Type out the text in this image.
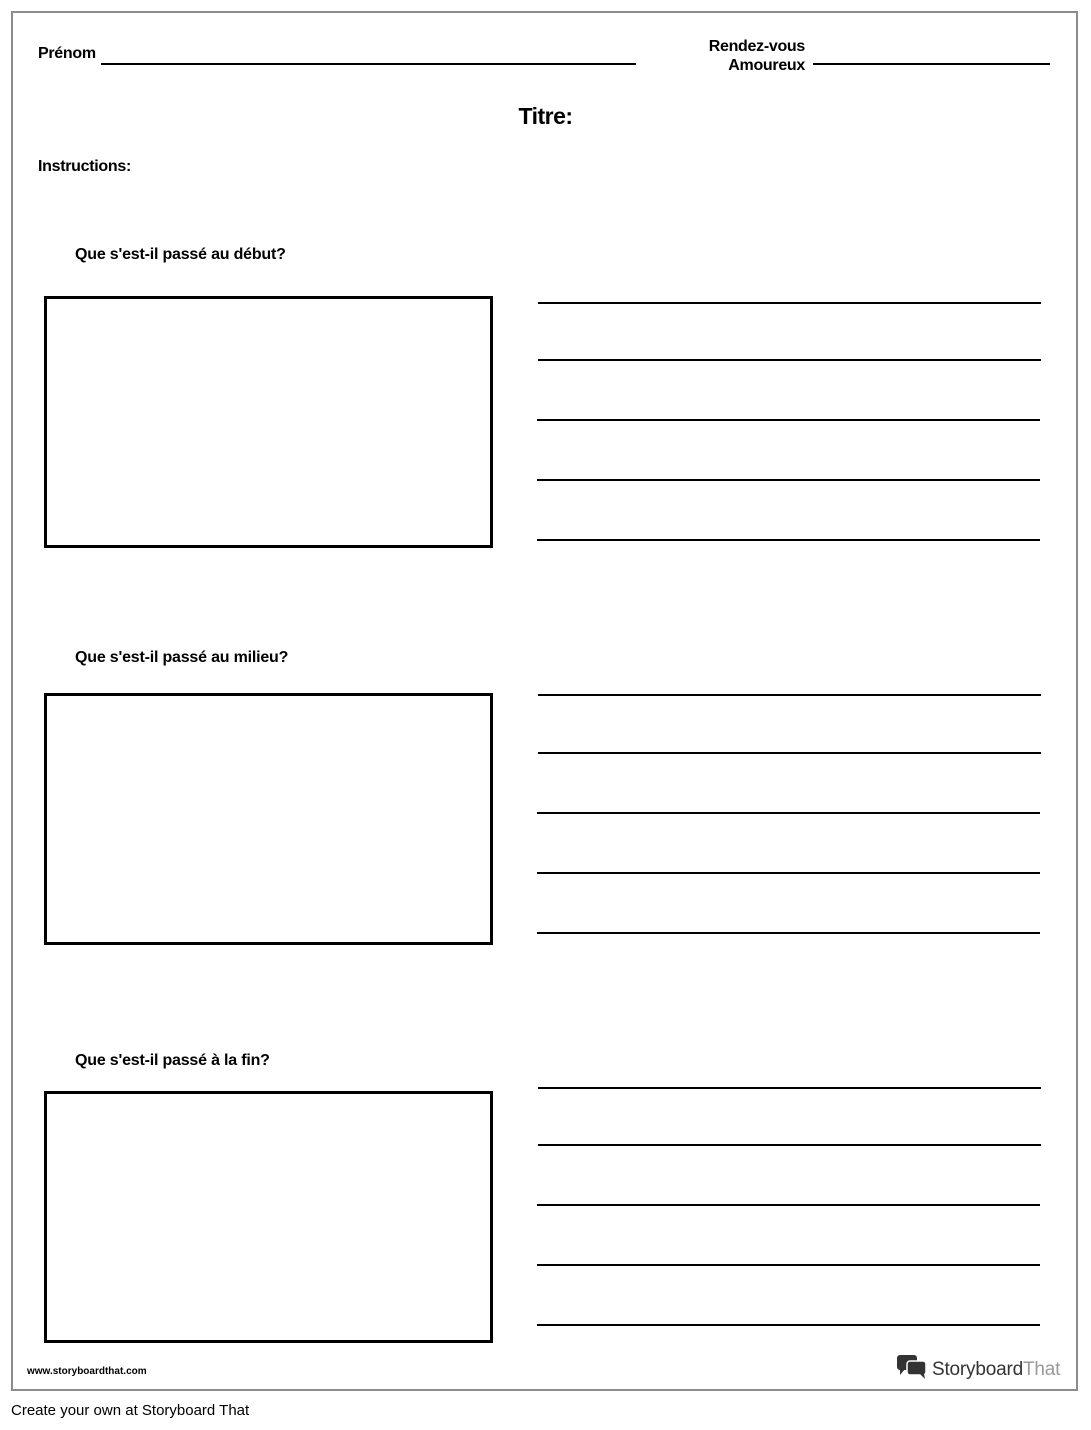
Prénom	Rendez-vous
Amoureux
Titre:
Instructions:
Que s'est-il passé au début?
Que s'est-il passé au milieu?
Que s'est-il passé à la fin?
www.storyboardthat.com	StoryboardThat
Create your own at Storyboard That
